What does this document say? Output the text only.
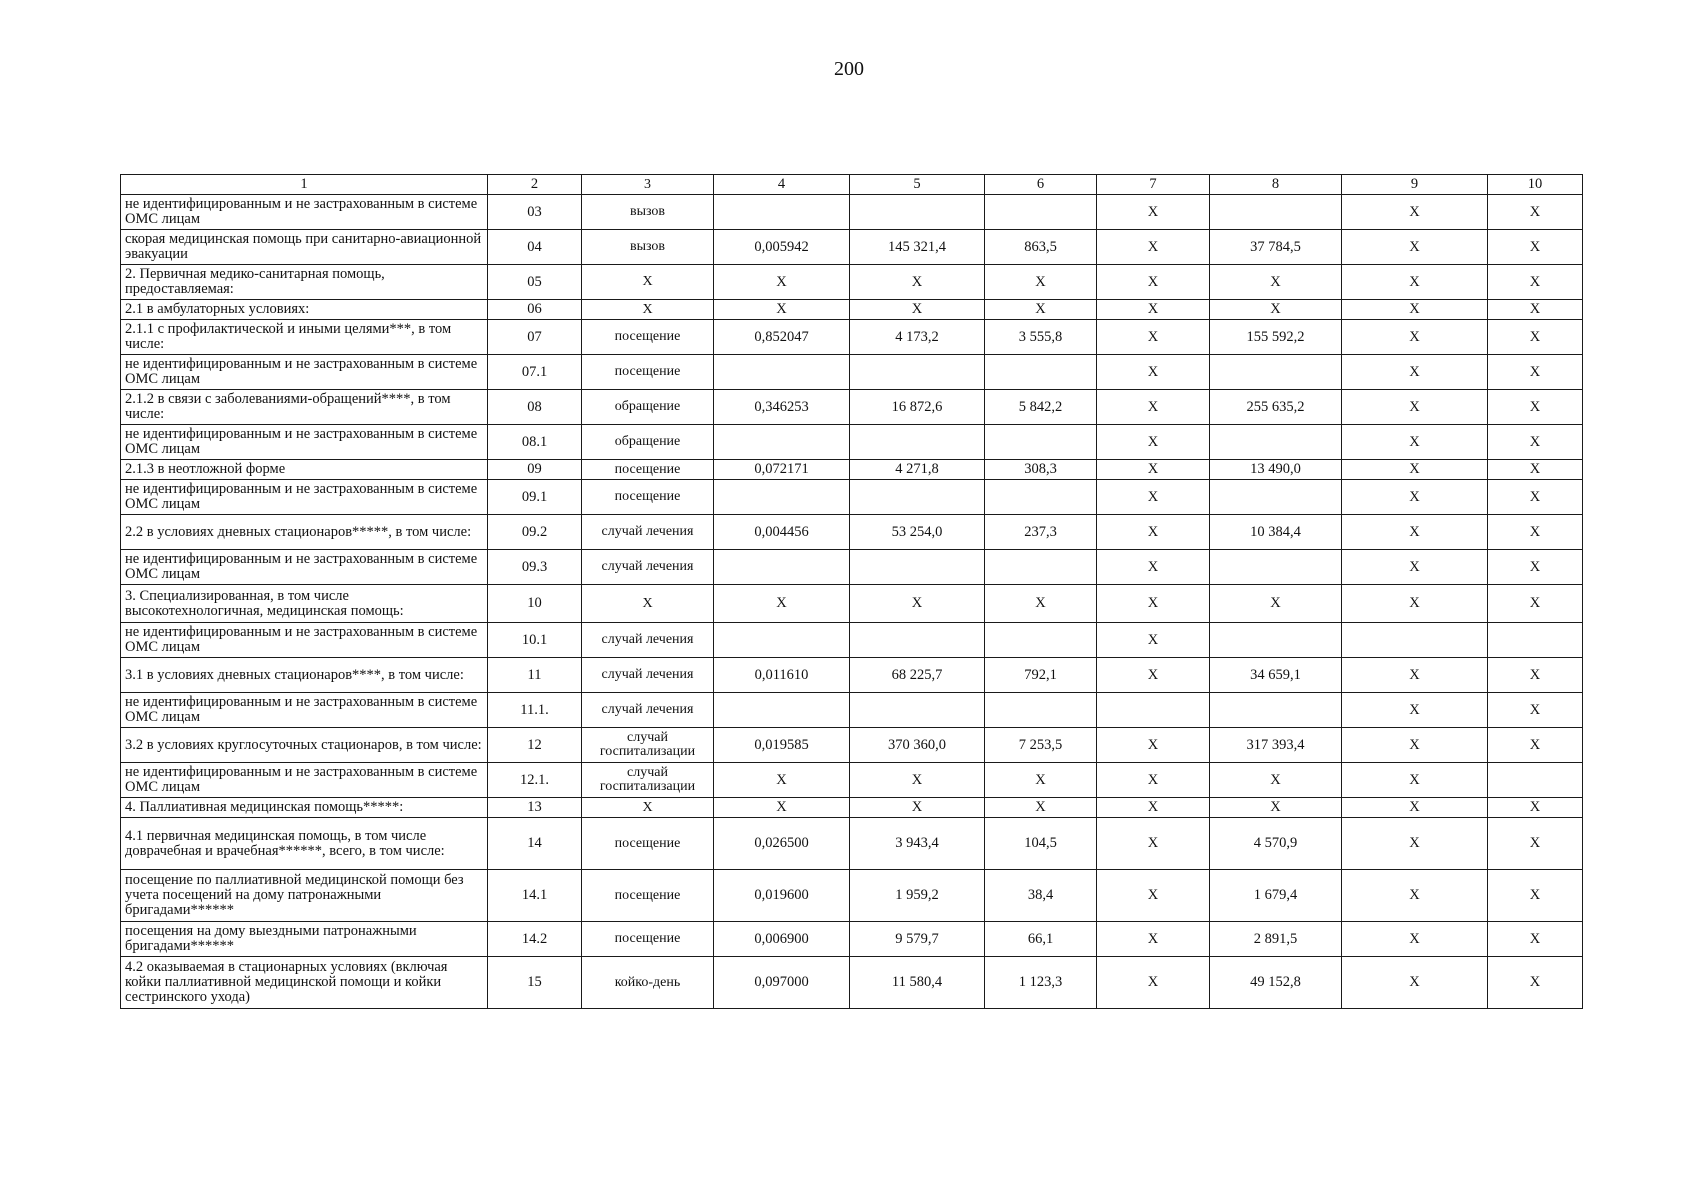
200
1	2	3	4	5	6	7	8	9	10
не идентифицированным и не застрахованным в системе ОМС лицам	03	вызов				X		X	X
скорая медицинская помощь при санитарно-авиационной эвакуации	04	вызов	0,005942	145 321,4	863,5	X	37 784,5	X	X
2. Первичная медико-санитарная помощь, предоставляемая:	05	X	X	X	X	X	X	X	X
2.1 в амбулаторных условиях:	06	X	X	X	X	X	X	X	X
2.1.1 с профилактической и иными целями***, в том числе:	07	посещение	0,852047	4 173,2	3 555,8	X	155 592,2	X	X
не идентифицированным и не застрахованным в системе ОМС лицам	07.1	посещение				X		X	X
2.1.2 в связи с заболеваниями-обращений****, в том числе:	08	обращение	0,346253	16 872,6	5 842,2	X	255 635,2	X	X
не идентифицированным и не застрахованным в системе ОМС лицам	08.1	обращение				X		X	X
2.1.3 в неотложной форме	09	посещение	0,072171	4 271,8	308,3	X	13 490,0	X	X
не идентифицированным и не застрахованным в системе ОМС лицам	09.1	посещение				X		X	X
2.2 в условиях дневных стационаров*****, в том числе:	09.2	случай лечения	0,004456	53 254,0	237,3	X	10 384,4	X	X
не идентифицированным и не застрахованным в системе ОМС лицам	09.3	случай лечения				X		X	X
3. Специализированная, в том числе высокотехнологичная, медицинская помощь:	10	X	X	X	X	X	X	X	X
не идентифицированным и не застрахованным в системе ОМС лицам	10.1	случай лечения				X			
3.1 в условиях дневных стационаров****, в том числе:	11	случай лечения	0,011610	68 225,7	792,1	X	34 659,1	X	X
не идентифицированным и не застрахованным в системе ОМС лицам	11.1.	случай лечения						X	X
3.2 в условиях круглосуточных стационаров, в том числе:	12	случай госпитализации	0,019585	370 360,0	7 253,5	X	317 393,4	X	X
не идентифицированным и не застрахованным в системе ОМС лицам	12.1.	случай госпитализации	X	X	X	X	X	X	
4. Паллиативная медицинская помощь*****:	13	X	X	X	X	X	X	X	X
4.1 первичная медицинская помощь, в том числе доврачебная и врачебная******, всего, в том числе:	14	посещение	0,026500	3 943,4	104,5	X	4 570,9	X	X
посещение по паллиативной медицинской помощи без учета посещений на дому патронажными бригадами******	14.1	посещение	0,019600	1 959,2	38,4	X	1 679,4	X	X
посещения на дому выездными патронажными бригадами******	14.2	посещение	0,006900	9 579,7	66,1	X	2 891,5	X	X
4.2 оказываемая в стационарных условиях (включая койки паллиативной медицинской помощи и койки сестринского ухода)	15	койко-день	0,097000	11 580,4	1 123,3	X	49 152,8	X	X
